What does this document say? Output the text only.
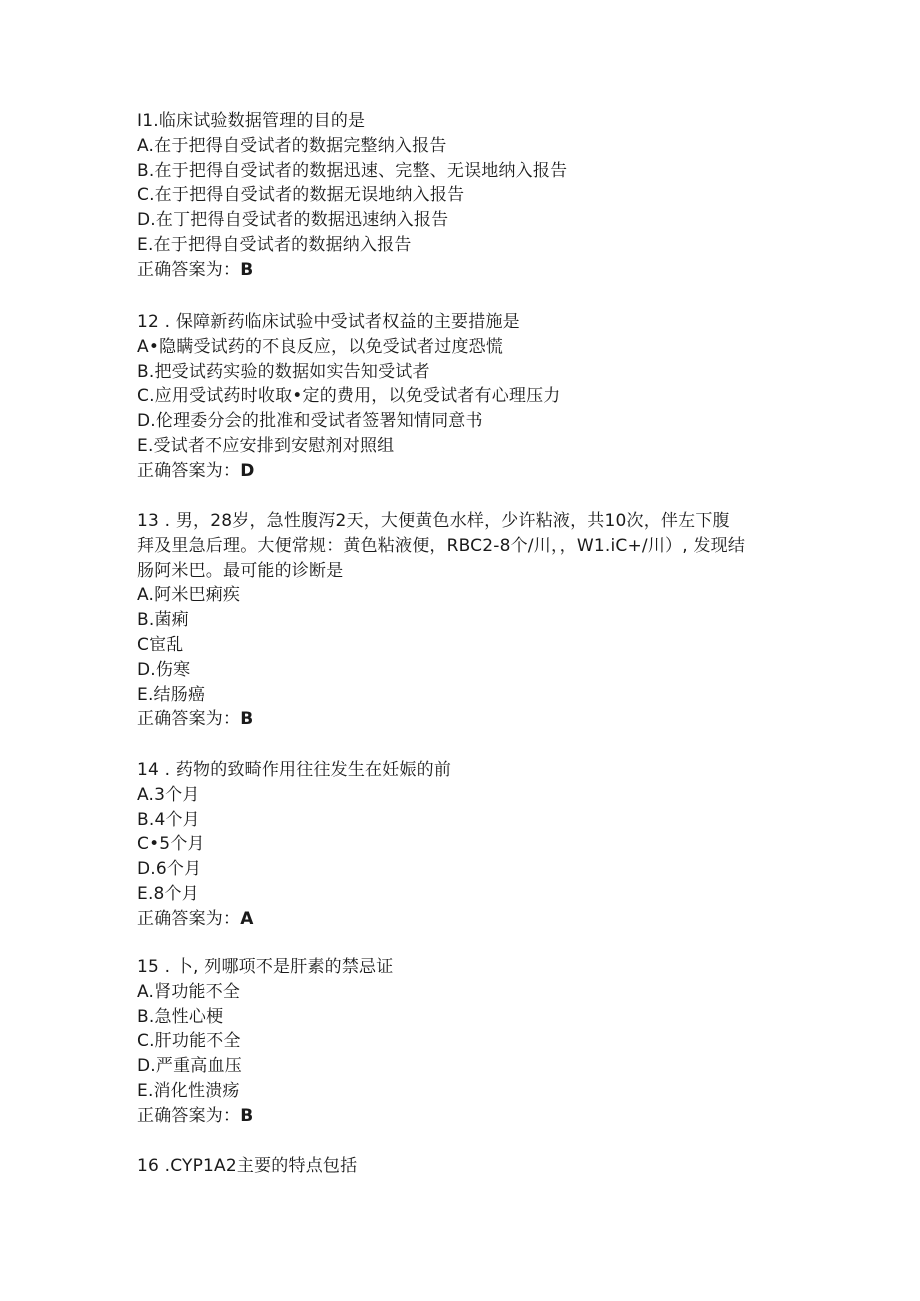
I1.临床试验数据管理的目的是
A.在于把得自受试者的数据完整纳入报告
B.在于把得自受试者的数据迅速、完整、无误地纳入报告
C.在于把得自受试者的数据无误地纳入报告
D.在丁把得自受试者的数据迅速纳入报告
E.在于把得自受试者的数据纳入报告
正确答案为：B
12 . 保障新药临床试验中受试者权益的主要措施是
A•隐瞒受试药的不良反应，以免受试者过度恐慌
B.把受试药实验的数据如实告知受试者
C.应用受试药时收取•定的费用，以免受试者有心理压力
D.伦理委分会的批准和受试者签署知情同意书
E.受试者不应安排到安慰剂对照组
正确答案为：D
13 . 男，28岁，急性腹泻2天，大便黄色水样，少许粘液，共10次，伴左下腹
拜及里急后理。大便常规：黄色粘液便，RBC2-8个/川，，W1.iC+/川）, 发现结
肠阿米巴。最可能的诊断是
A.阿米巴痢疾
B.菌痢
C宦乱
D.伤寒
E.结肠癌
正确答案为：B
14 . 药物的致畸作用往往发生在妊娠的前
A.3个月
B.4个月
C•5个月
D.6个月
E.8个月
正确答案为：A
15 . 卜, 列哪项不是肝素的禁忌证
A.肾功能不全
B.急性心梗
C.肝功能不全
D.严重高血压
E.消化性溃疡
正确答案为：B
16 .CYP1A2主要的特点包括
